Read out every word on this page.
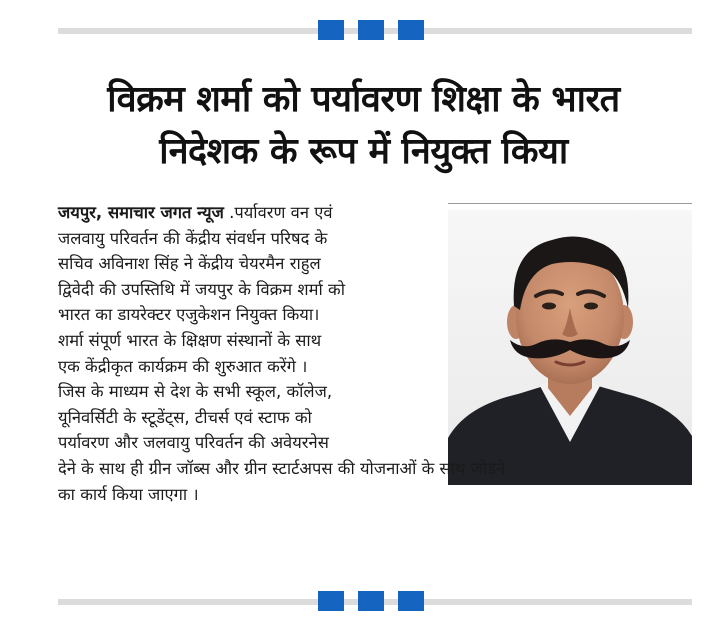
विक्रम शर्मा को पर्यावरण शिक्षा के भारत
निदेशक के रूप में नियुक्त किया
जयपुर, समाचार जगत न्यूज .पर्यावरण वन एवं
जलवायु परिवर्तन की केंद्रीय संवर्धन परिषद के
सचिव अविनाश सिंह ने केंद्रीय चेयरमैन राहुल
द्विवेदी की उपस्तिथि में जयपुर के विक्रम शर्मा को
भारत का डायरेक्टर एजुकेशन नियुक्त किया।
शर्मा संपूर्ण भारत के क्षिक्षण संस्थानों के साथ
एक केंद्रीकृत कार्यक्रम की शुरुआत करेंगे ।
जिस के माध्यम से देश के सभी स्कूल, कॉलेज,
यूनिवर्सिटी के स्टूडेंट्स, टीचर्स एवं स्टाफ को
पर्यावरण और जलवायु परिवर्तन की अवेयरनेस
देने के साथ ही ग्रीन जॉब्स और ग्रीन स्टार्टअपस की योजनाओं के साथ जोड़ने
का कार्य किया जाएगा ।
